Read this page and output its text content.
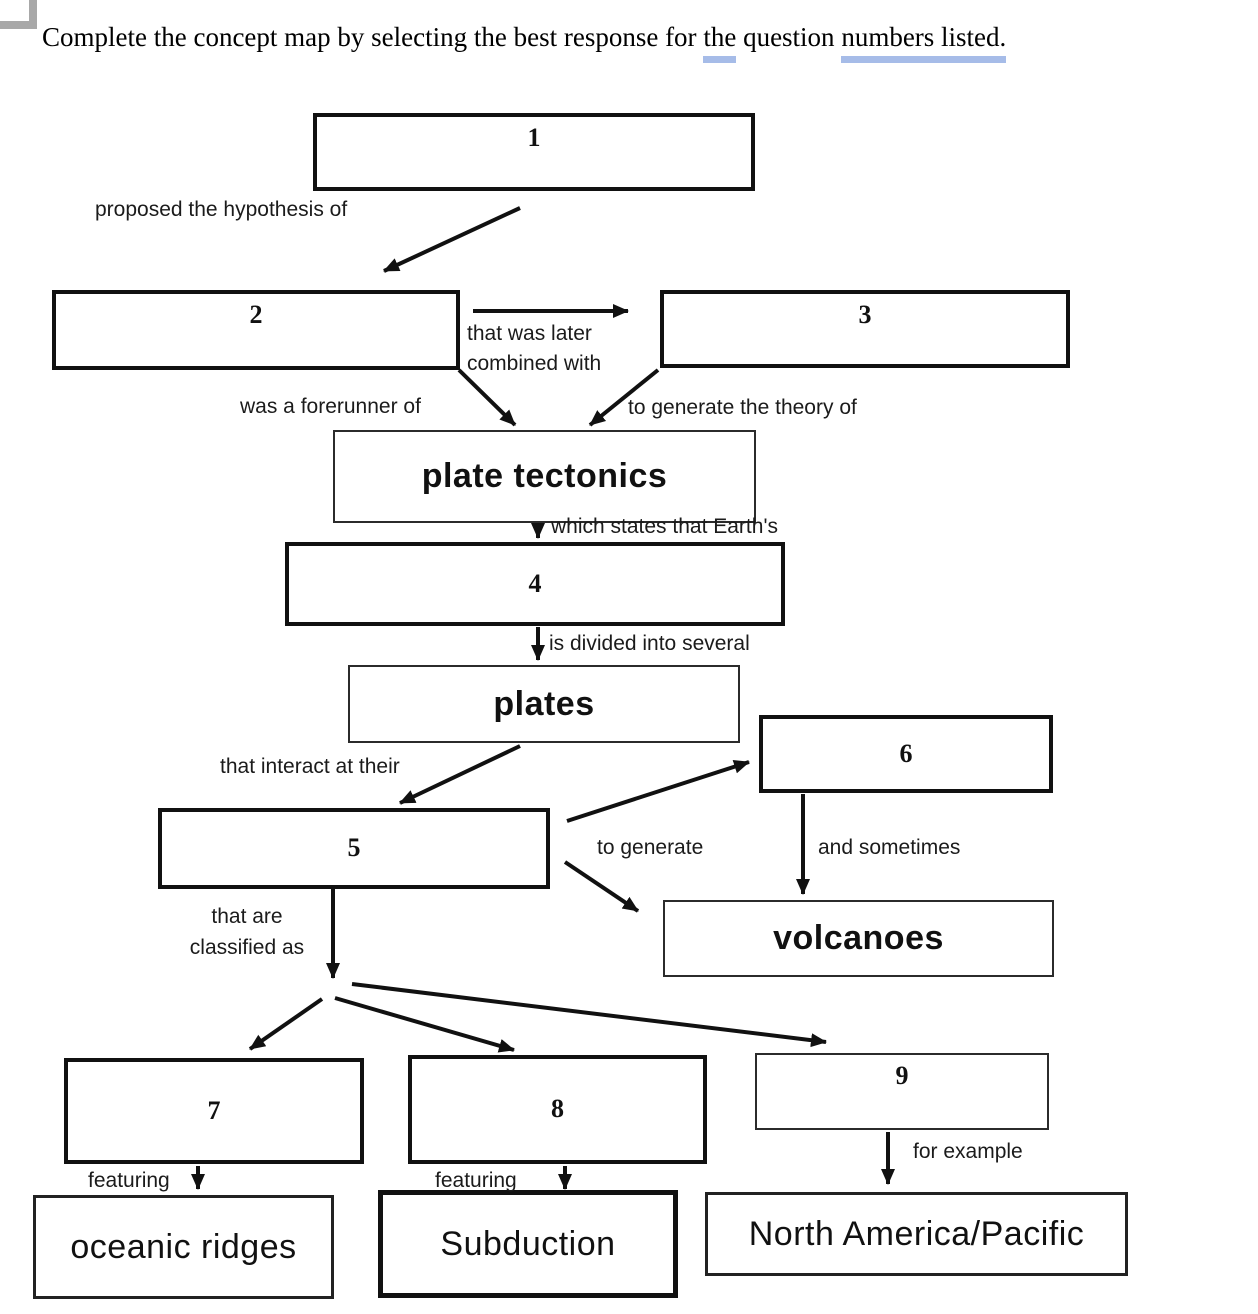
Complete the concept map by selecting the best response for the question numbers listed.
1
2	3
plate tectonics
4
plates
5
6
volcanoes
7	8
9
oceanic ridges	Subduction	North America/Pacific
proposed the hypothesis of
that was later
combined with
was a forerunner of	to generate the theory of
which states that Earth's
is divided into several
that interact at their
to generate	and sometimes
that are
classified as
featuring	featuring
for example
